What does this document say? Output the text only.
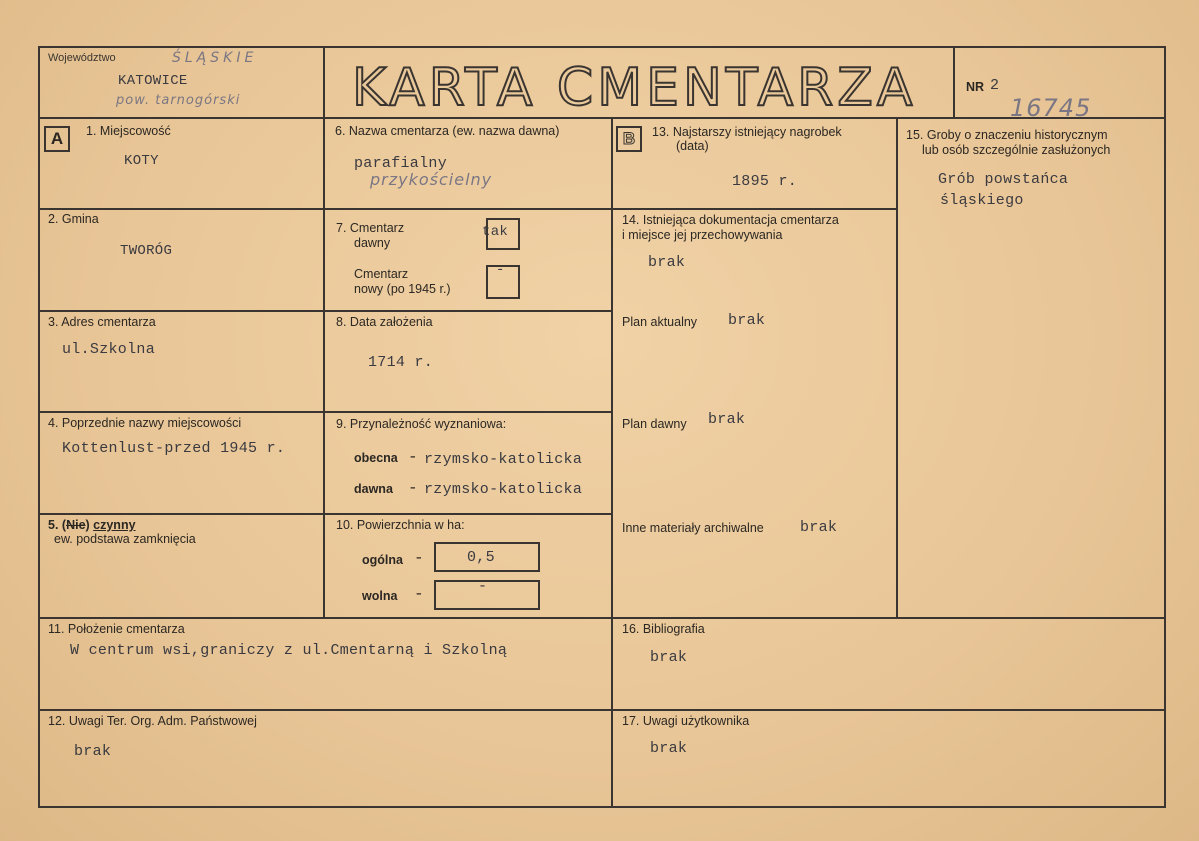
Województwo	ŚLĄSKIE
KATOWICE
pow. tarnogórski KARTA CMENTARZA	NR 2
16745
A	1. Miejscowość
KOTY
2. Gmina
TWORÓG
3. Adres cmentarza
ul.Szkolna
4. Poprzednie nazwy miejscowości
Kottenlust-przed 1945 r.
5. (Nie) czynny
ew. podstawa zamknięcia
6. Nazwa cmentarza (ew. nazwa dawna)
parafialny
przykościelny
7. Cmentarz
dawny
tak
Cmentarz
nowy (po 1945 r.)
-
8. Data założenia
1714 r.
9. Przynależność wyznaniowa:
obecna - rzymsko-katolicka
dawna - rzymsko-katolicka
10. Powierzchnia w ha:
ogólna -	0,5
wolna -	-
B	13. Najstarszy istniejący nagrobek
(data)
1895 r.
14. Istniejąca dokumentacja cmentarza
i miejsce jej przechowywania
brak
Plan aktualny brak
Plan dawny brak
Inne materiały archiwalne brak
15. Groby o znaczeniu historycznym
lub osób szczególnie zasłużonych
Grób powstańca
śląskiego
11. Położenie cmentarza
W centrum wsi,graniczy z ul.Cmentarną i Szkolną
16. Bibliografia
brak
12. Uwagi Ter. Org. Adm. Państwowej
brak
17. Uwagi użytkownika
brak
